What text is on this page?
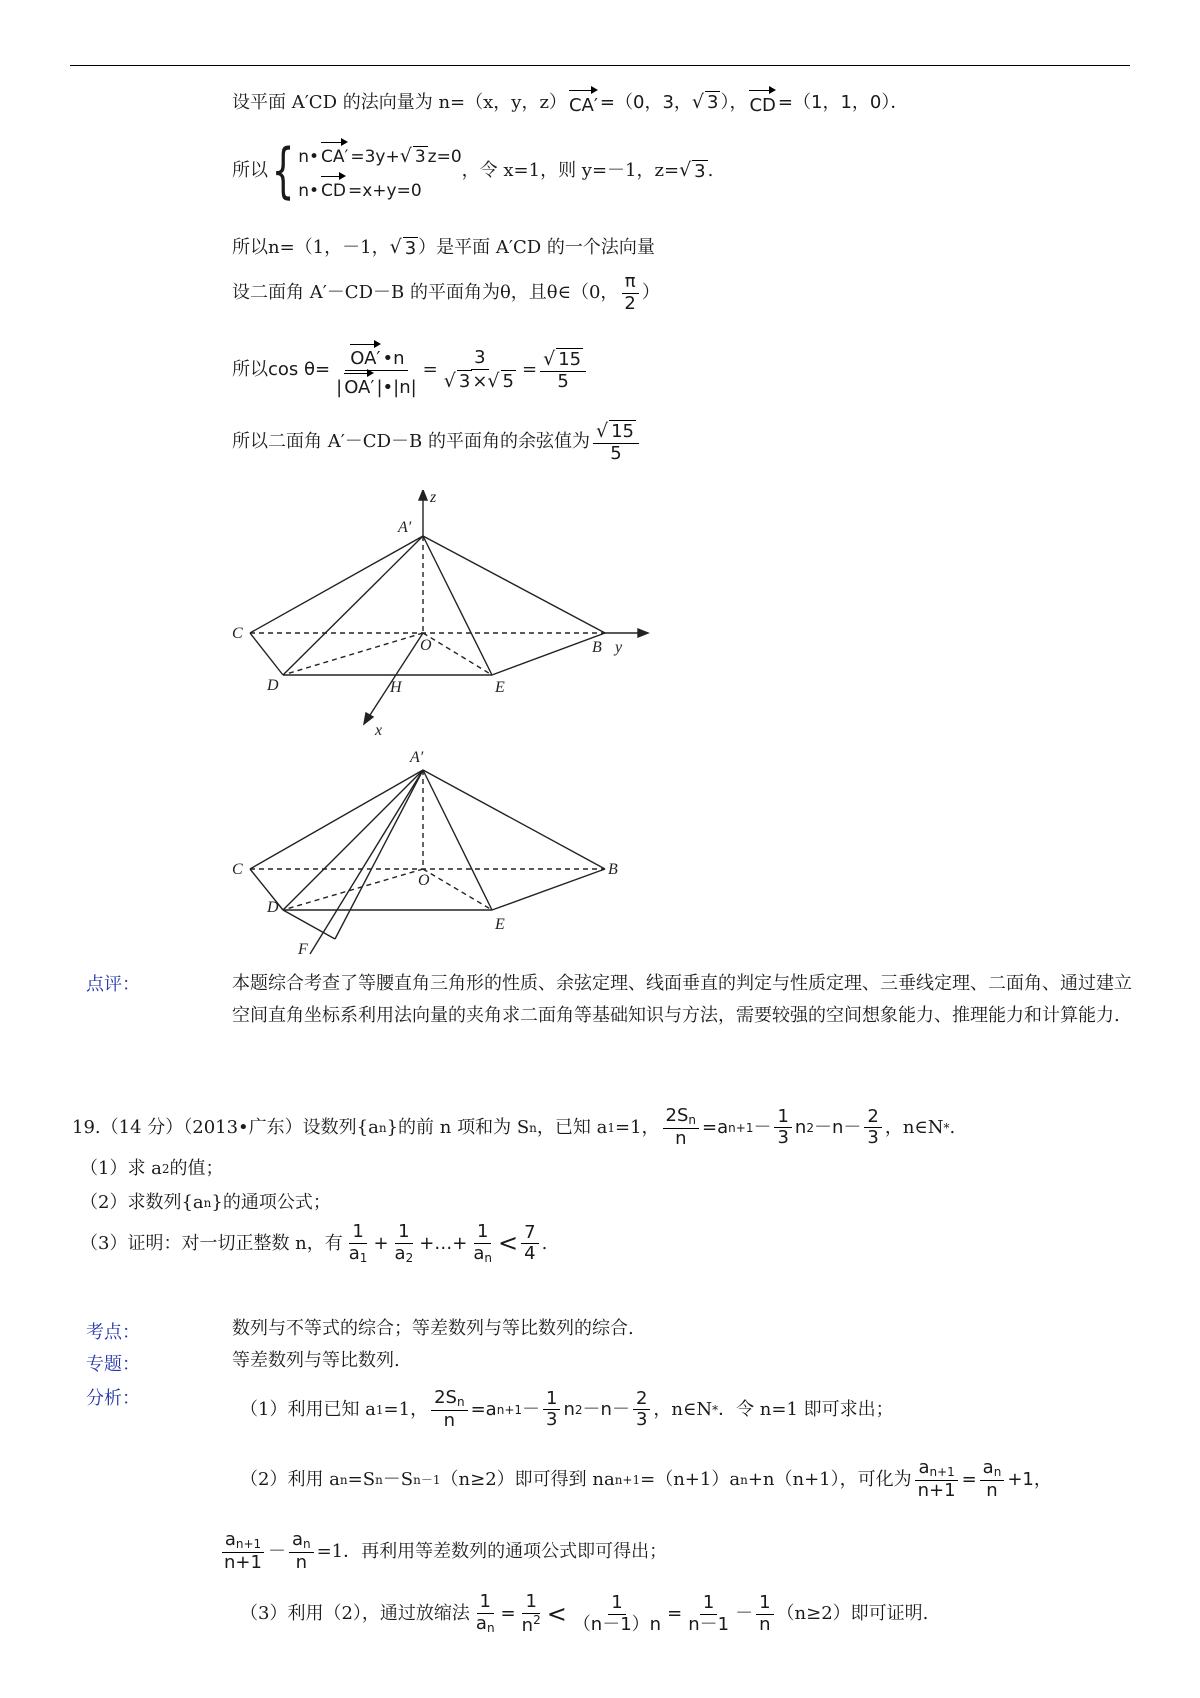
设平面 A′CD 的法向量为 n=（x，y，z） CA′ =（0，3， √ 3 ）， CD =（1，1，0）．
所以 { n• CA′ =3y+√ 3 z=0
n• CD =x+y=0
，令 x=1，则 y=－1，z= √ 3 .
所以n=（1，－1， √ 3 ）是平面 A′CD 的一个法向量
设二面角 A′－CD－B 的平面角为θ，且θ∈（0， $\frac{\pi}{2}$ ）
所以$\cos \theta= \frac{OA' •n}{| OA' |•|n|} = \frac{3}{√ 3 \times√ 5} = \frac{√ 15}{5}$
所以二面角 A′－CD－B 的平面角的余弦值为 $\frac{√ 15}{5}$
A′
z
C
O	B y
D	H	E
x
A′
C
O
B
D
E
F
点评：	本题综合考查了等腰直角三角形的性质、余弦定理、线面垂直的判定与性质定理、三垂线定理、二面角、通过建立空间直角坐标系利用法向量的夹角求二面角等基础知识与方法，需要较强的空间想象能力、推理能力和计算能力.
19.（14 分）（2013•广东）设数列{a n }的前 n 项和为 S n ，已知 a 1 =1， $\frac{2S_n}{n} =a$ $n+1 - \frac{1}{3}$ n $2 -n- \frac{2}{3}$ ，n∈N * .
（1）求 a 2 的值；
（2）求数列{a n }的通项公式；
（3）证明：对一切正整数 n，有 $\frac{1}{a_1} + \frac{1}{a_2}$ +…+ $\frac{1}{a_n} < \frac{7}{4}$ .
考点：	数列与不等式的综合；等差数列与等比数列的综合.
专题：	等差数列与等比数列.
分析：
（1）利用已知 a 1 =1， $\frac{2S_n}{n} =a$ $n+1 - \frac{1}{3}$ n $2 -n- \frac{2}{3}$ ，n∈N * ．令 n=1 即可求出；
（2）利用 a n =S n －S n－1 （n≥2）即可得到 na n+1 =（n+1）a n +n（n+1），可化为 $\frac{a_{n+1}}{n+1} = \frac{a_n}{n} +1$，
$\frac{a_{n+1}}{n+1} - \frac{a_n}{n} =1$．再利用等差数列的通项公式即可得出；
（3）利用（2），通过放缩法 $\frac{1}{a_n} = \frac{1}{n^2} < \frac{1}{(n-1)n} = \frac{1}{n-1} - \frac{1}{n} (n\ge 2)$即可证明.
